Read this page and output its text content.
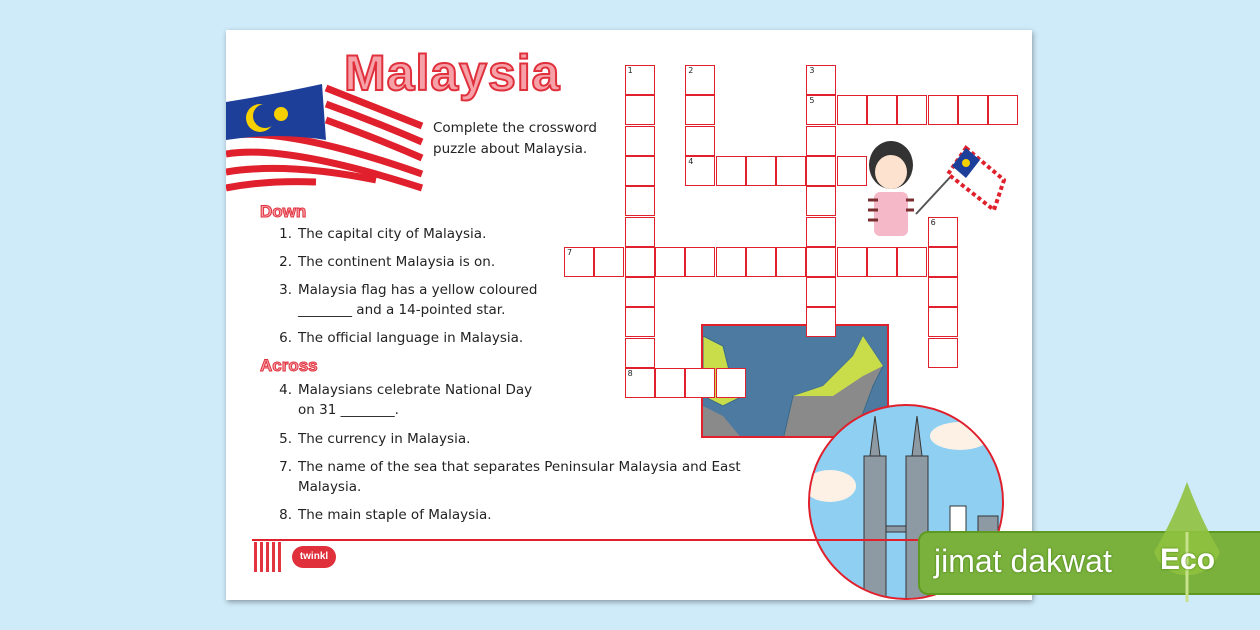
Malaysia
Complete the crossword puzzle about Malaysia.
Down
1. The capital city of Malaysia.
2. The continent Malaysia is on.
3. Malaysia flag has a yellow coloured ________ and a 14-pointed star.
6. The official language in Malaysia.
Across
4. Malaysians celebrate National Day on 31 ________.
5. The currency in Malaysia.
7. The name of the sea that separates Peninsular Malaysia and East Malaysia.
8. The main staple of Malaysia.
1
8
2
4
3
5
6
7
twinkl	jimat dakwat Eco
